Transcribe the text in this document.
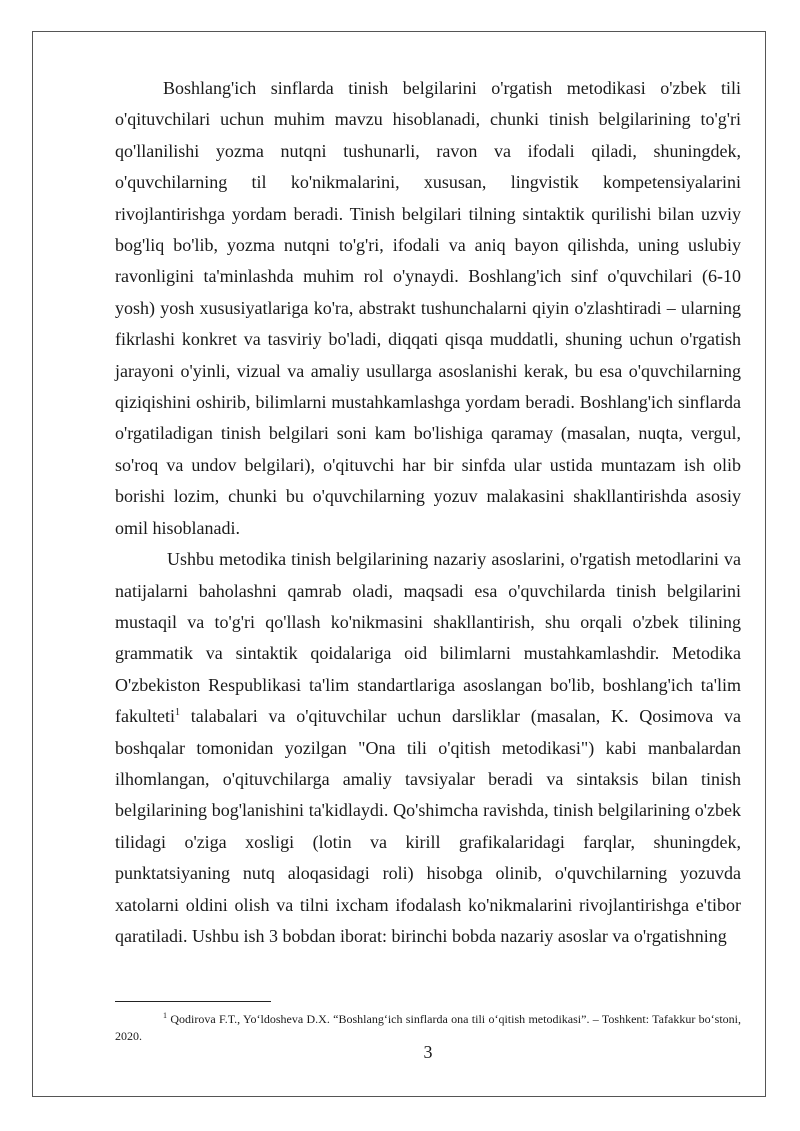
Boshlang'ich sinflarda tinish belgilarini o'rgatish metodikasi o'zbek tili o'qituvchilari uchun muhim mavzu hisoblanadi, chunki tinish belgilarining to'g'ri qo'llanilishi yozma nutqni tushunarli, ravon va ifodali qiladi, shuningdek, o'quvchilarning til ko'nikmalarini, xususan, lingvistik kompetensiyalarini rivojlantirishga yordam beradi. Tinish belgilari tilning sintaktik qurilishi bilan uzviy bog'liq bo'lib, yozma nutqni to'g'ri, ifodali va aniq bayon qilishda, uning uslubiy ravonligini ta'minlashda muhim rol o'ynaydi. Boshlang'ich sinf o'quvchilari (6-10 yosh) yosh xususiyatlariga ko'ra, abstrakt tushunchalarni qiyin o'zlashtiradi – ularning fikrlashi konkret va tasviriy bo'ladi, diqqati qisqa muddatli, shuning uchun o'rgatish jarayoni o'yinli, vizual va amaliy usullarga asoslanishi kerak, bu esa o'quvchilarning qiziqishini oshirib, bilimlarni mustahkamlashga yordam beradi. Boshlang'ich sinflarda o'rgatiladigan tinish belgilari soni kam bo'lishiga qaramay (masalan, nuqta, vergul, so'roq va undov belgilari), o'qituvchi har bir sinfda ular ustida muntazam ish olib borishi lozim, chunki bu o'quvchilarning yozuv malakasini shakllantirishda asosiy omil hisoblanadi.

Ushbu metodika tinish belgilarining nazariy asoslarini, o'rgatish metodlarini va natijalarni baholashni qamrab oladi, maqsadi esa o'quvchilarda tinish belgilarini mustaqil va to'g'ri qo'llash ko'nikmasini shakllantirish, shu orqali o'zbek tilining grammatik va sintaktik qoidalariga oid bilimlarni mustahkamlashdir. Metodika O'zbekiston Respublikasi ta'lim standartlariga asoslangan bo'lib, boshlang'ich ta'lim fakulteti$^1$ talabalari va o'qituvchilar uchun darsliklar (masalan, K. Qosimova va boshqalar tomonidan yozilgan "Ona tili o'qitish metodikasi") kabi manbalardan ilhomlangan, o'qituvchilarga amaliy tavsiyalar beradi va sintaksis bilan tinish belgilarining bog'lanishini ta'kidlaydi. Qo'shimcha ravishda, tinish belgilarining o'zbek tilidagi o'ziga xosligi (lotin va kirill grafikalaridagi farqlar, shuningdek, punktatsiyaning nutq aloqasidagi roli) hisobga olinib, o'quvchilarning yozuvda xatolarni oldini olish va tilni ixcham ifodalash ko'nikmalarini rivojlantirishga e'tibor qaratiladi. Ushbu ish 3 bobdan iborat: birinchi bobda nazariy asoslar va o'rgatishning

$^1$ Qodirova F.T., Yo‘ldosheva D.X. “Boshlang‘ich sinflarda ona tili o‘qitish metodikasi”. – Toshkent: Tafakkur bo‘stoni, 2020.

3
